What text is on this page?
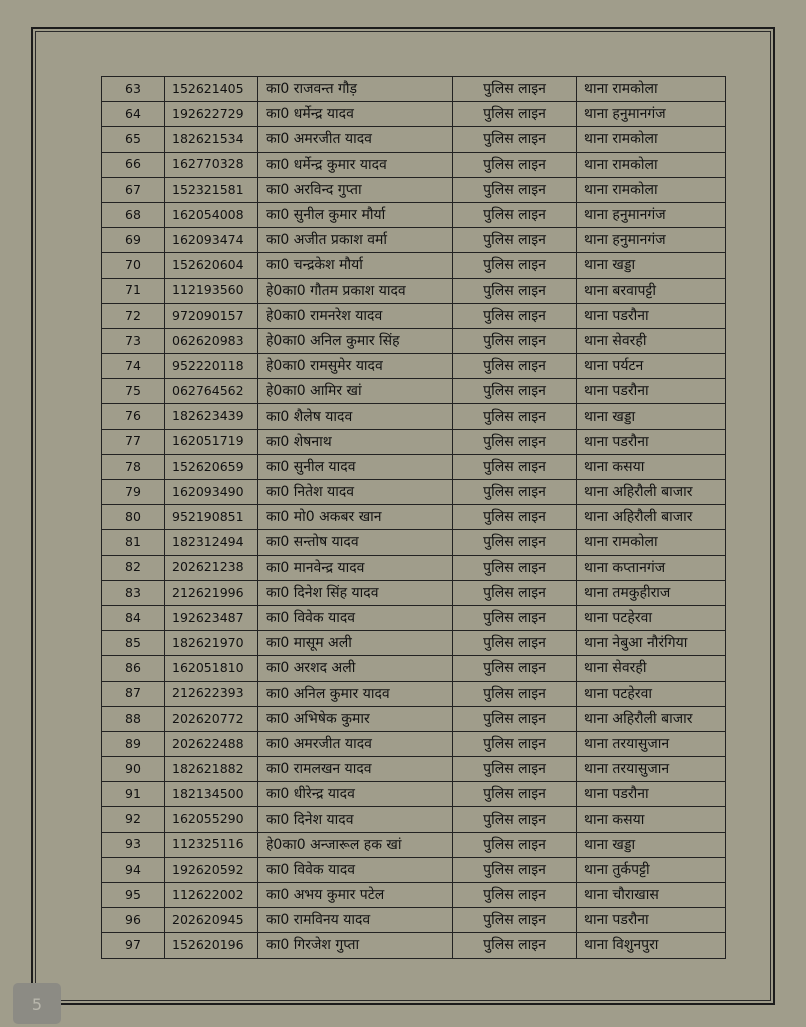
63	152621405	का0 राजवन्त गौड़	पुलिस लाइन	थाना रामकोला
64	192622729	का0 धर्मेन्द्र यादव	पुलिस लाइन	थाना हनुमानगंज
65	182621534	का0 अमरजीत यादव	पुलिस लाइन	थाना रामकोला
66	162770328	का0 धर्मेन्द्र कुमार यादव	पुलिस लाइन	थाना रामकोला
67	152321581	का0 अरविन्द गुप्ता	पुलिस लाइन	थाना रामकोला
68	162054008	का0 सुनील कुमार मौर्या	पुलिस लाइन	थाना हनुमानगंज
69	162093474	का0 अजीत प्रकाश वर्मा	पुलिस लाइन	थाना हनुमानगंज
70	152620604	का0 चन्द्रकेश मौर्या	पुलिस लाइन	थाना खड्डा
71	112193560	हे0का0 गौतम प्रकाश यादव	पुलिस लाइन	थाना बरवापट्टी
72	972090157	हे0का0 रामनरेश यादव	पुलिस लाइन	थाना पडरौना
73	062620983	हे0का0 अनिल कुमार सिंह	पुलिस लाइन	थाना सेवरही
74	952220118	हे0का0 रामसुमेर यादव	पुलिस लाइन	थाना पर्यटन
75	062764562	हे0का0 आमिर खां	पुलिस लाइन	थाना पडरौना
76	182623439	का0 शैलेष यादव	पुलिस लाइन	थाना खड्डा
77	162051719	का0 शेषनाथ	पुलिस लाइन	थाना पडरौना
78	152620659	का0 सुनील यादव	पुलिस लाइन	थाना कसया
79	162093490	का0 नितेश यादव	पुलिस लाइन	थाना अहिरौली बाजार
80	952190851	का0 मो0 अकबर खान	पुलिस लाइन	थाना अहिरौली बाजार
81	182312494	का0 सन्तोष यादव	पुलिस लाइन	थाना रामकोला
82	202621238	का0 मानवेन्द्र यादव	पुलिस लाइन	थाना कप्तानगंज
83	212621996	का0 दिनेश सिंह यादव	पुलिस लाइन	थाना तमकुहीराज
84	192623487	का0 विवेक यादव	पुलिस लाइन	थाना पटहेरवा
85	182621970	का0 मासूम अली	पुलिस लाइन	थाना नेबुआ नौरंगिया
86	162051810	का0 अरशद अली	पुलिस लाइन	थाना सेवरही
87	212622393	का0 अनिल कुमार यादव	पुलिस लाइन	थाना पटहेरवा
88	202620772	का0 अभिषेक कुमार	पुलिस लाइन	थाना अहिरौली बाजार
89	202622488	का0 अमरजीत यादव	पुलिस लाइन	थाना तरयासुजान
90	182621882	का0 रामलखन यादव	पुलिस लाइन	थाना तरयासुजान
91	182134500	का0 धीरेन्द्र यादव	पुलिस लाइन	थाना पडरौना
92	162055290	का0 दिनेश यादव	पुलिस लाइन	थाना कसया
93	112325116	हे0का0 अन्जारूल हक खां	पुलिस लाइन	थाना खड्डा
94	192620592	का0 विवेक यादव	पुलिस लाइन	थाना तुर्कपट्टी
95	112622002	का0 अभय कुमार पटेल	पुलिस लाइन	थाना चौराखास
96	202620945	का0 रामविनय यादव	पुलिस लाइन	थाना पडरौना
97	152620196	का0 गिरजेश गुप्ता	पुलिस लाइन	थाना विशुनपुरा
5
